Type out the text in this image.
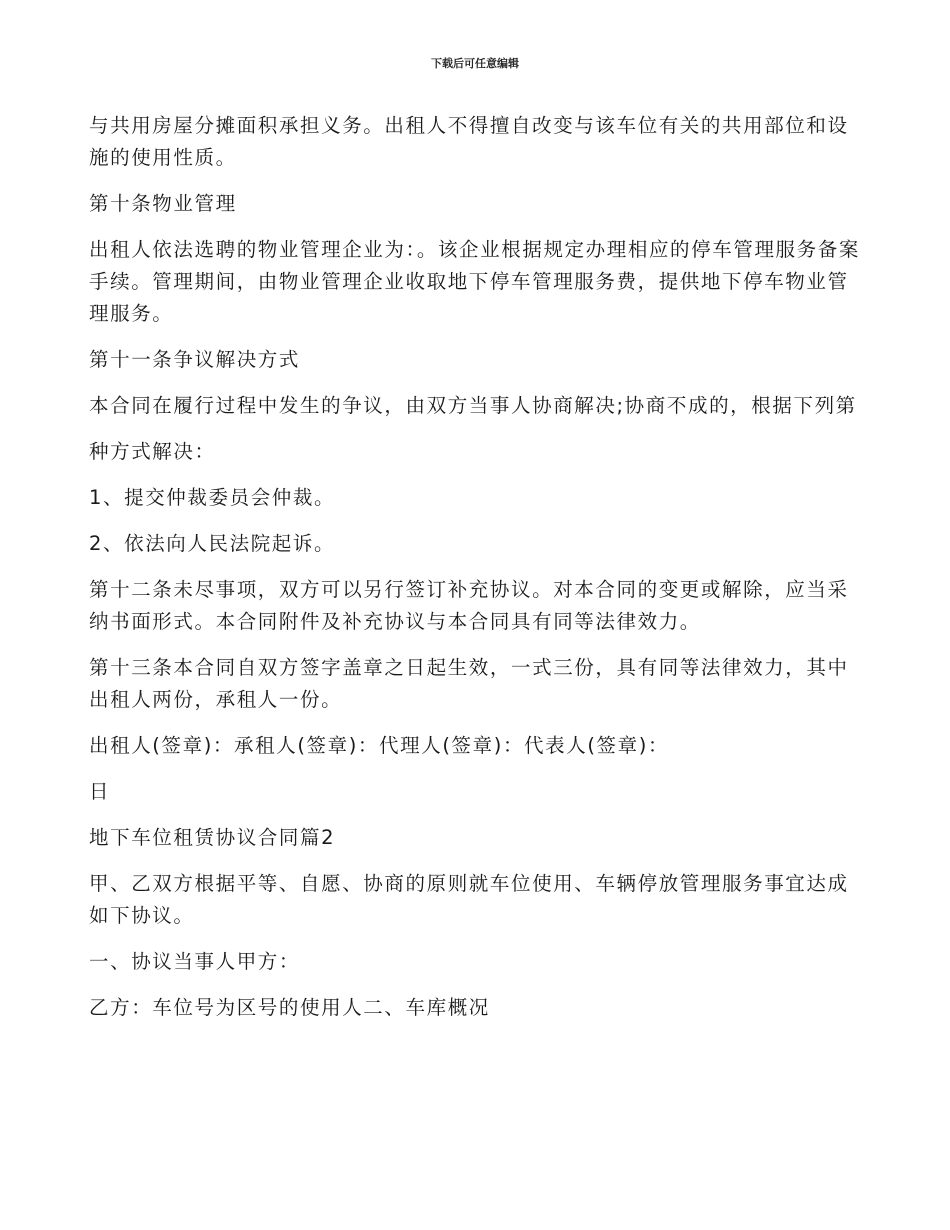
下载后可任意编辑

与共用房屋分摊面积承担义务。出租人不得擅自改变与该车位有关的共用部位和设施的使用性质。

第十条物业管理

出租人依法选聘的物业管理企业为：。该企业根据规定办理相应的停车管理服务备案手续。管理期间，由物业管理企业收取地下停车管理服务费，提供地下停车物业管理服务。

第十一条争议解决方式

本合同在履行过程中发生的争议，由双方当事人协商解决;协商不成的，根据下列第

种方式解决：

1、提交仲裁委员会仲裁。

2、依法向人民法院起诉。

第十二条未尽事项，双方可以另行签订补充协议。对本合同的变更或解除，应当采纳书面形式。本合同附件及补充协议与本合同具有同等法律效力。

第十三条本合同自双方签字盖章之日起生效，一式三份，具有同等法律效力，其中出租人两份，承租人一份。

出租人(签章)：承租人(签章)：代理人(签章)：代表人(签章)：

日

地下车位租赁协议合同篇2

甲、乙双方根据平等、自愿、协商的原则就车位使用、车辆停放管理服务事宜达成如下协议。

一、协议当事人甲方：

乙方：车位号为区号的使用人二、车库概况
